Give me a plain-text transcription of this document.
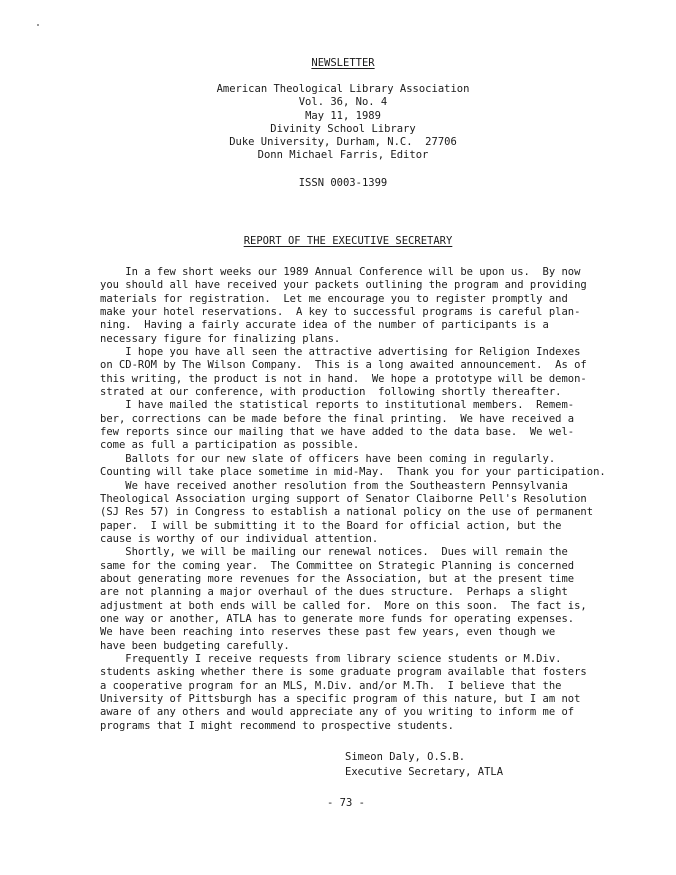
NEWSLETTER
American Theological Library Association
Vol. 36, No. 4
May 11, 1989
Divinity School Library
Duke University, Durham, N.C.  27706
Donn Michael Farris, Editor
ISSN 0003-1399
REPORT OF THE EXECUTIVE SECRETARY
In a few short weeks our 1989 Annual Conference will be upon us.  By now
you should all have received your packets outlining the program and providing
materials for registration.  Let me encourage you to register promptly and
make your hotel reservations.  A key to successful programs is careful plan-
ning.  Having a fairly accurate idea of the number of participants is a
necessary figure for finalizing plans.
I hope you have all seen the attractive advertising for Religion Indexes
on CD-ROM by The Wilson Company.  This is a long awaited announcement.  As of
this writing, the product is not in hand.  We hope a prototype will be demon-
strated at our conference, with production  following shortly thereafter.
I have mailed the statistical reports to institutional members.  Remem-
ber, corrections can be made before the final printing.  We have received a
few reports since our mailing that we have added to the data base.  We wel-
come as full a participation as possible.
Ballots for our new slate of officers have been coming in regularly.
Counting will take place sometime in mid-May.  Thank you for your participation.
We have received another resolution from the Southeastern Pennsylvania
Theological Association urging support of Senator Claiborne Pell's Resolution
(SJ Res 57) in Congress to establish a national policy on the use of permanent
paper.  I will be submitting it to the Board for official action, but the
cause is worthy of our individual attention.
Shortly, we will be mailing our renewal notices.  Dues will remain the
same for the coming year.  The Committee on Strategic Planning is concerned
about generating more revenues for the Association, but at the present time
are not planning a major overhaul of the dues structure.  Perhaps a slight
adjustment at both ends will be called for.  More on this soon.  The fact is,
one way or another, ATLA has to generate more funds for operating expenses.
We have been reaching into reserves these past few years, even though we
have been budgeting carefully.
Frequently I receive requests from library science students or M.Div.
students asking whether there is some graduate program available that fosters
a cooperative program for an MLS, M.Div. and/or M.Th.  I believe that the
University of Pittsburgh has a specific program of this nature, but I am not
aware of any others and would appreciate any of you writing to inform me of
programs that I might recommend to prospective students.
Simeon Daly, O.S.B.
Executive Secretary, ATLA
- 73 -
